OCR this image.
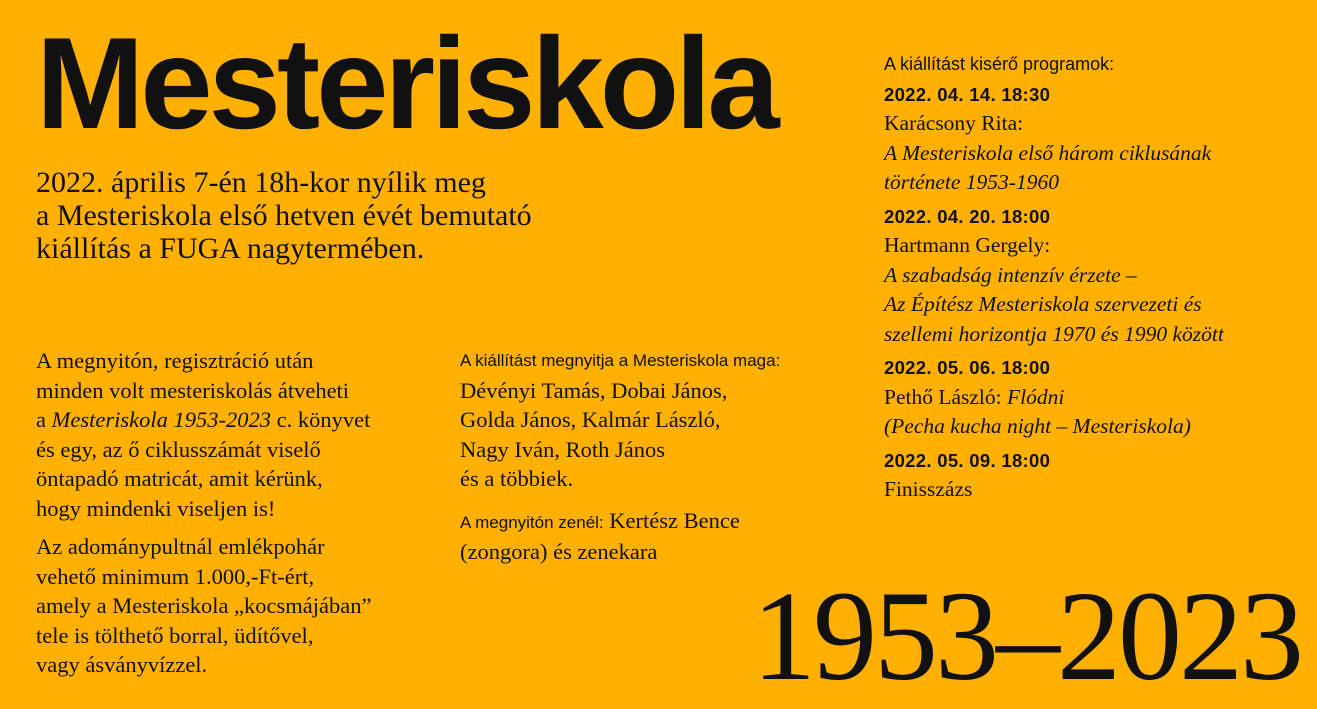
Mesteriskola
2022. április 7-én 18h-kor nyílik meg
a Mesteriskola első hetven évét bemutató
kiállítás a FUGA nagytermében.

A megnyitón, regisztráció után
minden volt mesteriskolás átveheti
a Mesteriskola 1953-2023 c. könyvet
és egy, az ő ciklusszámát viselő
öntapadó matricát, amit kérünk,
hogy mindenki viseljen is!

Az adománypultnál emlékpohár
vehető minimum 1.000,-Ft-ért,
amely a Mesteriskola „kocsmájában”
tele is tölthető borral, üdítővel,
vagy ásványvízzel.

A kiállítást megnyitja a Mesteriskola maga:
Dévényi Tamás, Dobai János,
Golda János, Kalmár László,
Nagy Iván, Roth János
és a többiek.
A megnyitón zenél: Kertész Bence
(zongora) és zenekara
A kiállítást kisérő programok:
2022. 04. 14. 18:30
Karácsony Rita:
A Mesteriskola első három ciklusának
története 1953-1960
2022. 04. 20. 18:00
Hartmann Gergely:
A szabadság intenzív érzete –
Az Építész Mesteriskola szervezeti és
szellemi horizontja 1970 és 1990 között
2022. 05. 06. 18:00
Pethő László: Flódni
(Pecha kucha night – Mesteriskola)
2022. 05. 09. 18:00
Finisszázs
1953–2023
